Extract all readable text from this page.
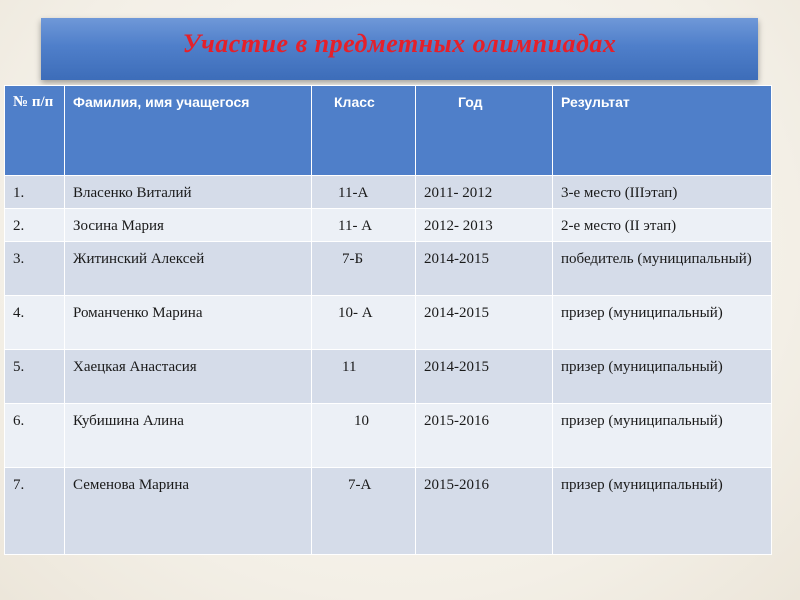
Участие в предметных олимпиадах
№ п/п	Фамилия, имя учащегося	Класс	Год	Результат
1.	Власенко Виталий	11-А	2011- 2012	3-е место (IIIэтап)
2.	Зосина Мария	11- А	2012- 2013	2-е место (II этап)
3.	Житинский Алексей	7-Б	2014-2015	победитель (муниципальный)
4.	Романченко Марина	10- А	2014-2015	призер (муниципальный)
5.	Хаецкая Анастасия	11	2014-2015	призер (муниципальный)
6.	Кубишина Алина	10	2015-2016	призер (муниципальный)
7.	Семенова Марина	7-А	2015-2016	призер (муниципальный)
